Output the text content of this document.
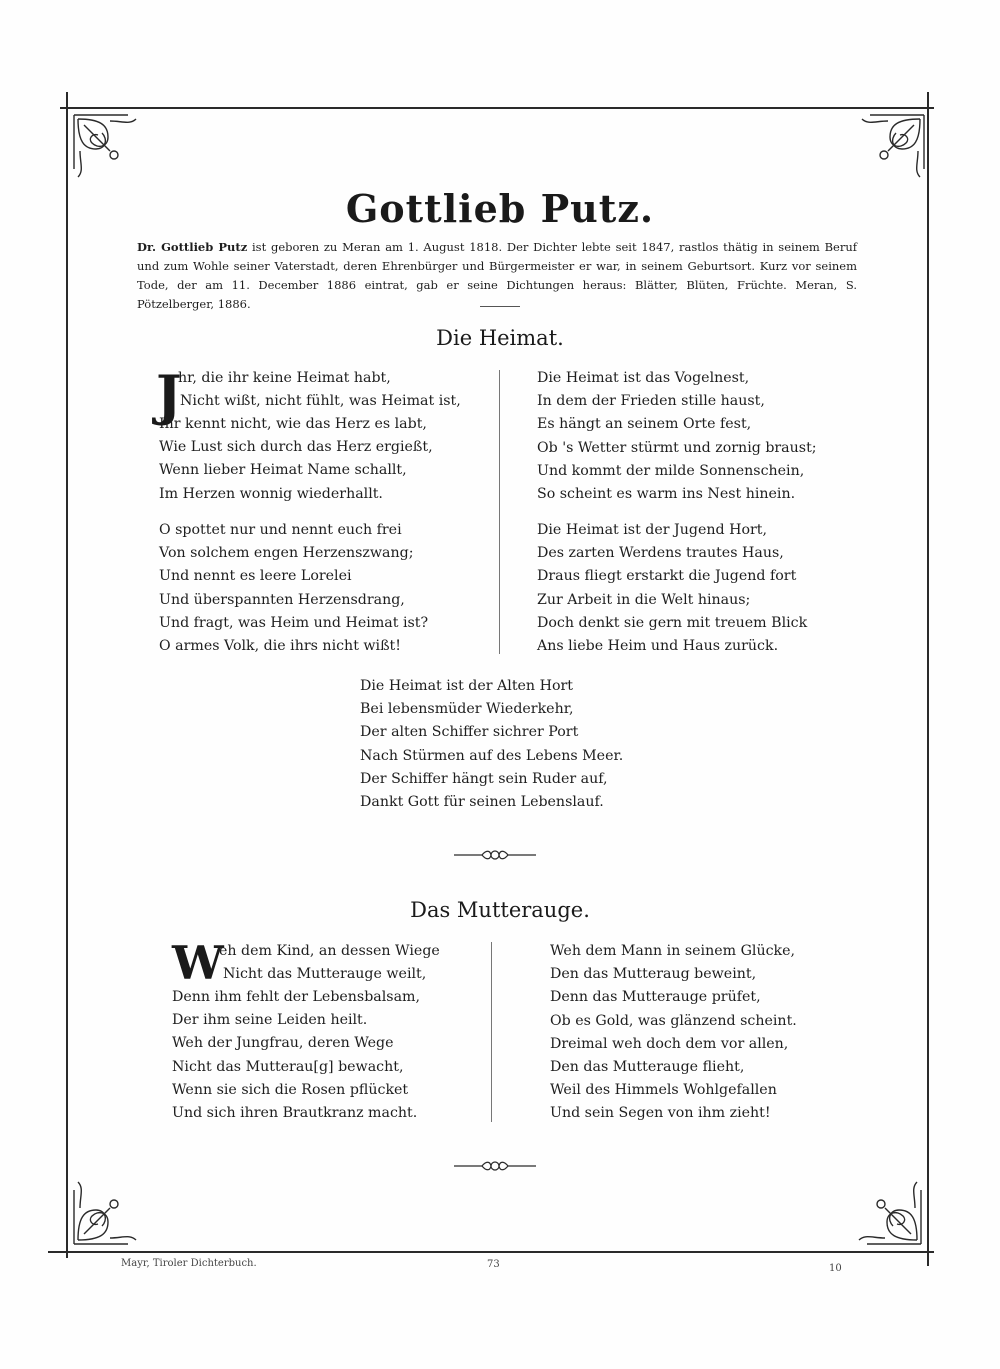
Gottlieb Putz.
Dr. Gottlieb Putz ist geboren zu Meran am 1. August 1818. Der Dichter lebte seit 1847, rastlos thätig in seinem Beruf und zum Wohle seiner Vaterstadt, deren Ehrenbürger und Bürgermeister er war, in seinem Geburtsort. Kurz vor seinem Tode, der am 11. December 1886 eintrat, gab er seine Dichtungen heraus: Blätter, Blüten, Früchte. Meran, S. Pötzelberger, 1886.
Die Heimat.
J
hr, die ihr keine Heimat habt,
Nicht wißt, nicht fühlt, was Heimat ist,
Ihr kennt nicht, wie das Herz es labt,
Wie Lust sich durch das Herz ergießt,
Wenn lieber Heimat Name schallt,
Im Herzen wonnig wiederhallt.
O spottet nur und nennt euch frei
Von solchem engen Herzenszwang;
Und nennt es leere Lorelei
Und überspannten Herzensdrang,
Und fragt, was Heim und Heimat ist?
O armes Volk, die ihrs nicht wißt!
Die Heimat ist das Vogelnest,
In dem der Frieden stille haust,
Es hängt an seinem Orte fest,
Ob 's Wetter stürmt und zornig braust;
Und kommt der milde Sonnenschein,
So scheint es warm ins Nest hinein.
Die Heimat ist der Jugend Hort,
Des zarten Werdens trautes Haus,
Draus fliegt erstarkt die Jugend fort
Zur Arbeit in die Welt hinaus;
Doch denkt sie gern mit treuem Blick
Ans liebe Heim und Haus zurück.
Die Heimat ist der Alten Hort
Bei lebensmüder Wiederkehr,
Der alten Schiffer sichrer Port
Nach Stürmen auf des Lebens Meer.
Der Schiffer hängt sein Ruder auf,
Dankt Gott für seinen Lebenslauf.
Das Mutterauge.
W
eh dem Kind, an dessen Wiege
Nicht das Mutterauge weilt,
Denn ihm fehlt der Lebensbalsam,
Der ihm seine Leiden heilt.
Weh der Jungfrau, deren Wege
Nicht das Mutterau[g] bewacht,
Wenn sie sich die Rosen pflücket
Und sich ihren Brautkranz macht.
Weh dem Mann in seinem Glücke,
Den das Mutteraug beweint,
Denn das Mutterauge prüfet,
Ob es Gold, was glänzend scheint.
Dreimal weh doch dem vor allen,
Den das Mutterauge flieht,
Weil des Himmels Wohlgefallen
Und sein Segen von ihm zieht!
Mayr, Tiroler Dichterbuch.	73	10
